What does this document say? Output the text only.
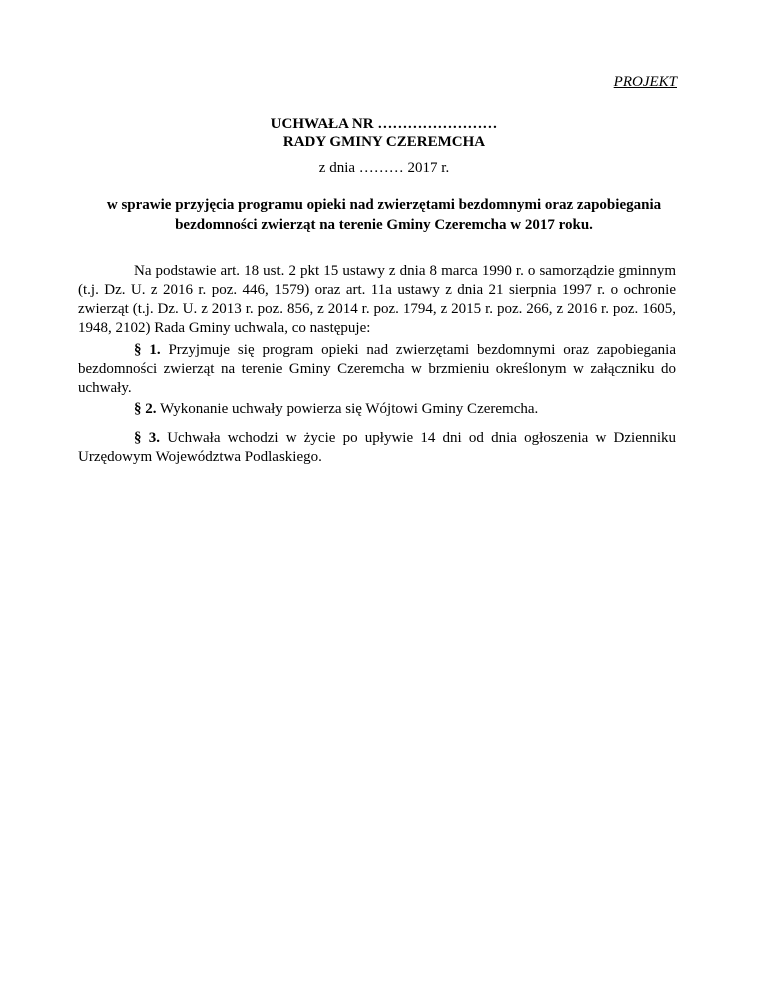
PROJEKT
UCHWAŁA NR ……………………
RADY GMINY CZEREMCHA
z dnia ……… 2017 r.
w sprawie przyjęcia programu opieki nad zwierzętami bezdomnymi oraz zapobiegania
bezdomności zwierząt na terenie Gminy Czeremcha w 2017 roku.
Na podstawie art. 18 ust. 2 pkt 15 ustawy z dnia 8 marca 1990 r. o samorządzie gminnym (t.j. Dz. U. z 2016 r. poz. 446, 1579) oraz art. 11a ustawy z dnia 21 sierpnia 1997 r. o ochronie zwierząt (t.j. Dz. U. z 2013 r. poz. 856, z 2014 r. poz. 1794, z 2015 r. poz. 266, z 2016 r. poz. 1605, 1948, 2102) Rada Gminy uchwala, co następuje:
§ 1. Przyjmuje się program opieki nad zwierzętami bezdomnymi oraz zapobiegania bezdomności zwierząt na terenie Gminy Czeremcha w brzmieniu określonym w załączniku do uchwały.
§ 2. Wykonanie uchwały powierza się Wójtowi Gminy Czeremcha.
§ 3. Uchwała wchodzi w życie po upływie 14 dni od dnia ogłoszenia w Dzienniku Urzędowym Województwa Podlaskiego.
